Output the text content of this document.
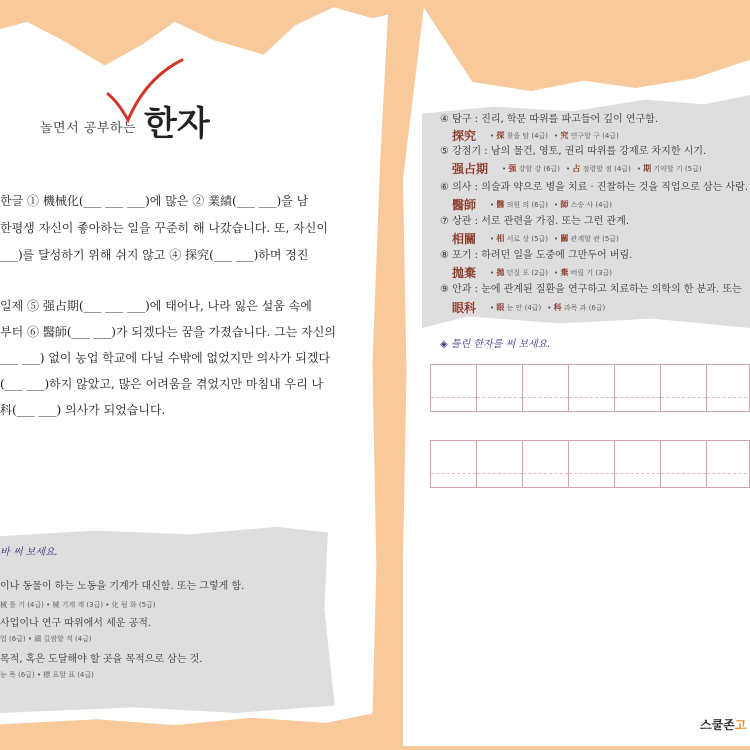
놀면서 공부하는 한자
한글 ① 機械化(___ ___ ___)에 많은 ② 業績(___ ___)을 남
한평생 자신이 좋아하는 일을 꾸준히 해 나갔습니다. 또, 자신이
___)를 달성하기 위해 쉬지 않고 ④ 探究(___ ___)하며 정진
일제 ⑤ 强占期(___ ___ ___)에 태어나, 나라 잃은 설움 속에
부터 ⑥ 醫師(___ ___)가 되겠다는 꿈을 가졌습니다. 그는 자신의
___ ___) 없이 농업 학교에 다닐 수밖에 없었지만 의사가 되겠다
(___ ___)하지 않았고, 많은 어려움을 겪었지만 마침내 우리 나
科(___ ___) 의사가 되었습니다.
바 써 보세요.
이나 동물이 하는 노동을 기계가 대신함. 또는 그렇게 함.
械 틀 기 (4급) • 械 기계 계 (3급) • 化 될 화 (5급)
사업이나 연구 따위에서 세운 공적.
업 (6급) • 績 길쌈할 적 (4급)
목적, 혹은 도달해야 할 곳을 목적으로 삼는 것.
눈 목 (6급) • 標 표할 표 (4급)
④ 탐구 : 진리, 학문 따위를 파고들어 깊이 연구함.
探究 • 探 찾을 탐 (4급) • 究 연구할 구 (4급)
⑤ 강점기 : 남의 물건, 영토, 권리 따위를 강제로 차지한 시기.
强占期 • 强 강할 강 (6급) • 占 점령할 점 (4급) • 期 기약할 기 (5급)
⑥ 의사 : 의술과 약으로 병을 치료 · 진찰하는 것을 직업으로 삼는 사람.
醫師 • 醫 의원 의 (6급) • 師 스승 사 (4급)
⑦ 상관 : 서로 관련을 가짐. 또는 그런 관계.
相關 • 相 서로 상 (5급) • 關 관계할 관 (5급)
⑧ 포기 : 하려던 일을 도중에 그만두어 버림.
拋棄 • 拋 던질 포 (2급) • 棄 버릴 기 (3급)
⑨ 안과 : 눈에 관계된 질환을 연구하고 치료하는 의학의 한 분과. 또는
眼科 • 眼 눈 안 (4급) • 科 과목 과 (6급)
◈ 틀린 한자를 써 보세요.
스쿨존고
